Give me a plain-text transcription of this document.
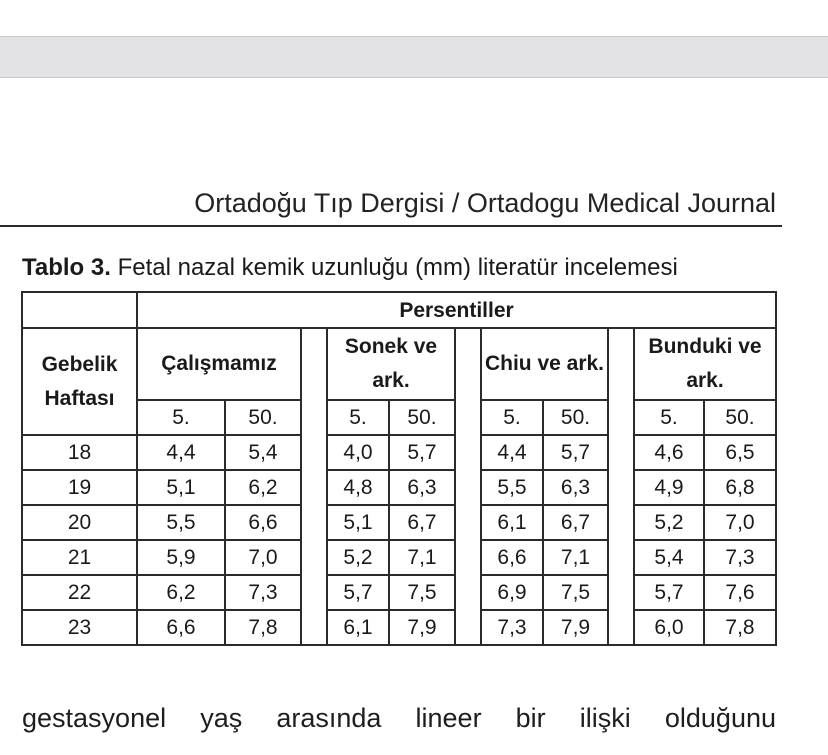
Ortadoğu Tıp Dergisi / Ortadogu Medical Journal
Tablo 3. Fetal nazal kemik uzunluğu (mm) literatür incelemesi
	Persentiller										
Gebelik Haftası	Çalışmamız			Sonek ve ark.			Chiu ve ark.			Bunduki ve ark.	
	5.	50.		5.	50.		5.	50.		5.	50.
18	4,4	5,4		4,0	5,7		4,4	5,7		4,6	6,5
19	5,1	6,2		4,8	6,3		5,5	6,3		4,9	6,8
20	5,5	6,6		5,1	6,7		6,1	6,7		5,2	7,0
21	5,9	7,0		5,2	7,1		6,6	7,1		5,4	7,3
22	6,2	7,3		5,7	7,5		6,9	7,5		5,7	7,6
23	6,6	7,8		6,1	7,9		7,3	7,9		6,0	7,8
gestasyonel yaş arasında lineer bir ilişki olduğunu
